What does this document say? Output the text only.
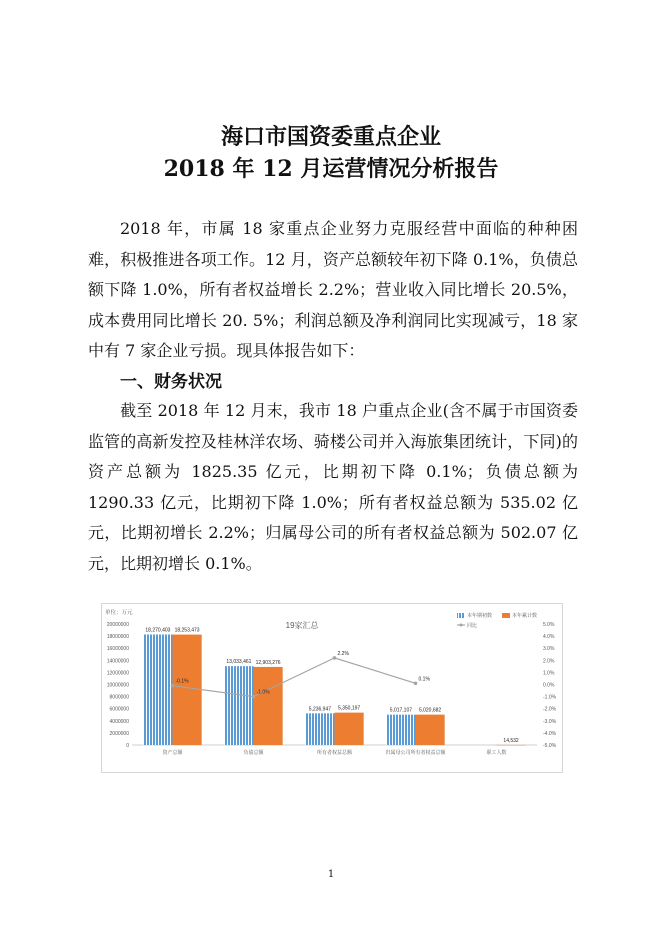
海口市国资委重点企业
2018 年 12 月运营情况分析报告

2018 年，市属 18 家重点企业努力克服经营中面临的种种困难，积极推进各项工作。12 月，资产总额较年初下降 0.1%，负债总额下降 1.0%，所有者权益增长 2.2%；营业收入同比增长 20.5%，成本费用同比增长 20. 5%；利润总额及净利润同比实现减亏，18 家中有 7 家企业亏损。现具体报告如下：

一、财务状况

截至 2018 年 12 月末，我市 18 户重点企业(含不属于市国资委监管的高新发控及桂林洋农场、骑楼公司并入海旅集团统计，下同)的资产总额为 1825.35 亿元，比期初下降 0.1%；负债总额为 1290.33 亿元，比期初下降 1.0%；所有者权益总额为 535.02 亿元，比期初增长 2.2%；归属母公司的所有者权益总额为 502.07 亿元，比期初增长 0.1%。

0
2000000
4000000
6000000
8000000
10000000
12000000
14000000
16000000
18000000
20000000
-5.0%
-4.0%
-3.0%
-2.0%
-1.0%
0.0%
1.0%
2.0%
3.0%
4.0%
5.0%
单位：万元
19家汇总
18,270,403
13,033,461
5,236,947	5,017,107
18,253,473
12,903,276
5,350,197	5,020,682
14,532
-0.1%
-1.0%
2.2%
0.1%
资产总额	负债总额	所有者权益总额	归属母公司所有者权益总额	职工人数
本年期初数	本年累计数
同比

1
